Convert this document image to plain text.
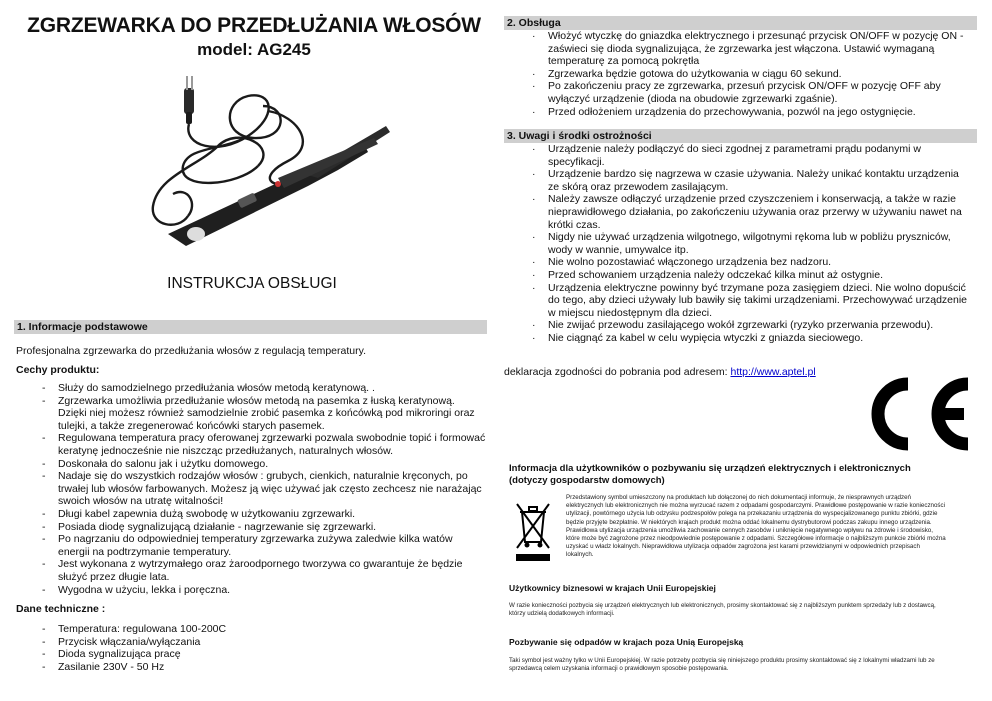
ZGRZEWARKA DO PRZEDŁUŻANIA WŁOSÓW
model: AG245
INSTRUKCJA OBSŁUGI
1. Informacje podstawowe
Profesjonalna zgrzewarka do przedłużania włosów z regulacją temperatury.
Cechy produktu:
- Służy do samodzielnego przedłużania włosów metodą keratynową. .
- Zgrzewarka umożliwia przedłużanie włosów metodą na pasemka z łuską keratynową. Dzięki niej możesz również samodzielnie zrobić pasemka z końcówką pod mikroringi oraz tulejki, a także zregenerować końcówki starych pasemek.
- Regulowana temperatura pracy oferowanej zgrzewarki pozwala swobodnie topić i formować keratynę jednocześnie nie niszcząc przedłużanych, naturalnych włosów.
- Doskonała do salonu jak i użytku domowego.
- Nadaje się do wszystkich rodzajów włosów : grubych, cienkich, naturalnie kręconych, po trwałej lub włosów farbowanych. Możesz ją więc używać jak często zechcesz nie narażając swoich włosów na utratę witalności!
- Długi kabel zapewnia dużą swobodę w użytkowaniu zgrzewarki.
- Posiada diodę sygnalizującą działanie - nagrzewanie się zgrzewarki.
- Po nagrzaniu do odpowiedniej temperatury zgrzewarka zużywa zaledwie kilka watów energii na podtrzymanie temperatury.
- Jest wykonana z wytrzymałego oraz żaroodpornego tworzywa co gwarantuje że będzie służyć przez długie lata.
- Wygodna w użyciu, lekka i poręczna.
Dane techniczne :
- Temperatura: regulowana 100-200C
- Przycisk włączania/wyłączania
- Dioda sygnalizująca pracę
- Zasilanie 230V - 50 Hz
2. Obsługa
· Włożyć wtyczkę do gniazdka elektrycznego i przesunąć przycisk ON/OFF w pozycję ON - zaświeci się dioda sygnalizująca, że zgrzewarka jest włączona. Ustawić wymaganą temperaturę za pomocą pokrętła
· Zgrzewarka będzie gotowa do użytkowania w ciągu 60 sekund.
· Po zakończeniu pracy ze zgrzewarka, przesuń przycisk ON/OFF w pozycję OFF aby wyłączyć urządzenie (dioda na obudowie zgrzewarki zgaśnie).
· Przed odłożeniem urządzenia do przechowywania, pozwól na jego ostygnięcie.
3. Uwagi i środki ostrożności
· Urządzenie należy podłączyć do sieci zgodnej z parametrami prądu podanymi w specyfikacji.
· Urządzenie bardzo się nagrzewa w czasie używania. Należy unikać kontaktu urządzenia ze skórą oraz przewodem zasilającym.
· Należy zawsze odłączyć urządzenie przed czyszczeniem i konserwacją, a także w razie nieprawidłowego działania, po zakończeniu używania oraz przerwy w używaniu nawet na krótki czas.
· Nigdy nie używać urządzenia wilgotnego, wilgotnymi rękoma lub w pobliżu pryszniców, wody w wannie, umywalce itp.
· Nie wolno pozostawiać włączonego urządzenia bez nadzoru.
· Przed schowaniem urządzenia należy odczekać kilka minut aż ostygnie.
· Urządzenia elektryczne powinny być trzymane poza zasięgiem dzieci. Nie wolno dopuścić do tego, aby dzieci używały lub bawiły się takimi urządzeniami. Przechowywać urządzenie w miejscu niedostępnym dla dzieci.
· Nie zwijać przewodu zasilającego wokół zgrzewarki (ryzyko przerwania przewodu).
· Nie ciągnąć za kabel w celu wypięcia wtyczki z gniazda sieciowego.
deklaracja zgodności do pobrania pod adresem: http://www.aptel.pl
Informacja dla użytkowników o pozbywaniu się urządzeń elektrycznych i elektronicznych (dotyczy gospodarstw domowych)
Przedstawiony symbol umieszczony na produktach lub dołączonej do nich dokumentacji informuje, że niesprawnych urządzeń elektrycznych lub elektronicznych nie można wyrzucać razem z odpadami gospodarczymi. Prawidłowe postępowanie w razie konieczności utylizacji, powtórnego użycia lub odzysku podzespołów polega na przekazaniu urządzenia do wyspecjalizowanego punktu zbiórki, gdzie będzie przyjęte bezpłatnie. W niektórych krajach produkt można oddać lokalnemu dystrybutorowi podczas zakupu innego urządzenia. Prawidłowa utylizacja urządzenia umożliwia zachowanie cennych zasobów i uniknięcie negatywnego wpływu na zdrowie i środowisko, które może być zagrożone przez nieodpowiednie postępowanie z odpadami. Szczegółowe informacje o najbliższym punkcie zbiórki można uzyskać u władz lokalnych. Nieprawidłowa utylizacja odpadów zagrożona jest karami przewidzianymi w odpowiednich przepisach lokalnych.
Użytkownicy biznesowi w krajach Unii Europejskiej
W razie konieczności pozbycia się urządzeń elektrycznych lub elektronicznych, prosimy skontaktować się z najbliższym punktem sprzedaży lub z dostawcą, którzy udzielą dodatkowych informacji.
Pozbywanie się odpadów w krajach poza Unią Europejską
Taki symbol jest ważny tylko w Unii Europejskiej. W razie potrzeby pozbycia się niniejszego produktu prosimy skontaktować się z lokalnymi władzami lub ze sprzedawcą celem uzyskania informacji o prawidłowym sposobie postępowania.
